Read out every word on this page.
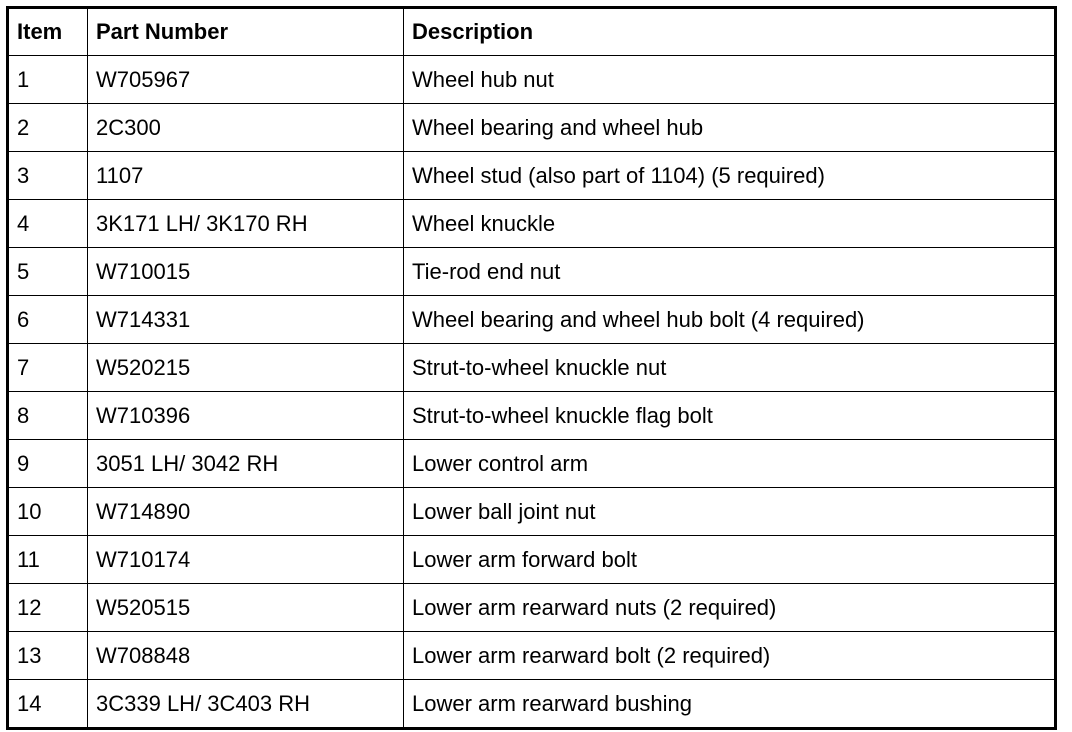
Item	Part Number	Description
1	W705967	Wheel hub nut
2	2C300	Wheel bearing and wheel hub
3	1107	Wheel stud (also part of 1104) (5 required)
4	3K171 LH/ 3K170 RH	Wheel knuckle
5	W710015	Tie-rod end nut
6	W714331	Wheel bearing and wheel hub bolt (4 required)
7	W520215	Strut-to-wheel knuckle nut
8	W710396	Strut-to-wheel knuckle flag bolt
9	3051 LH/ 3042 RH	Lower control arm
10	W714890	Lower ball joint nut
11	W710174	Lower arm forward bolt
12	W520515	Lower arm rearward nuts (2 required)
13	W708848	Lower arm rearward bolt (2 required)
14	3C339 LH/ 3C403 RH	Lower arm rearward bushing
